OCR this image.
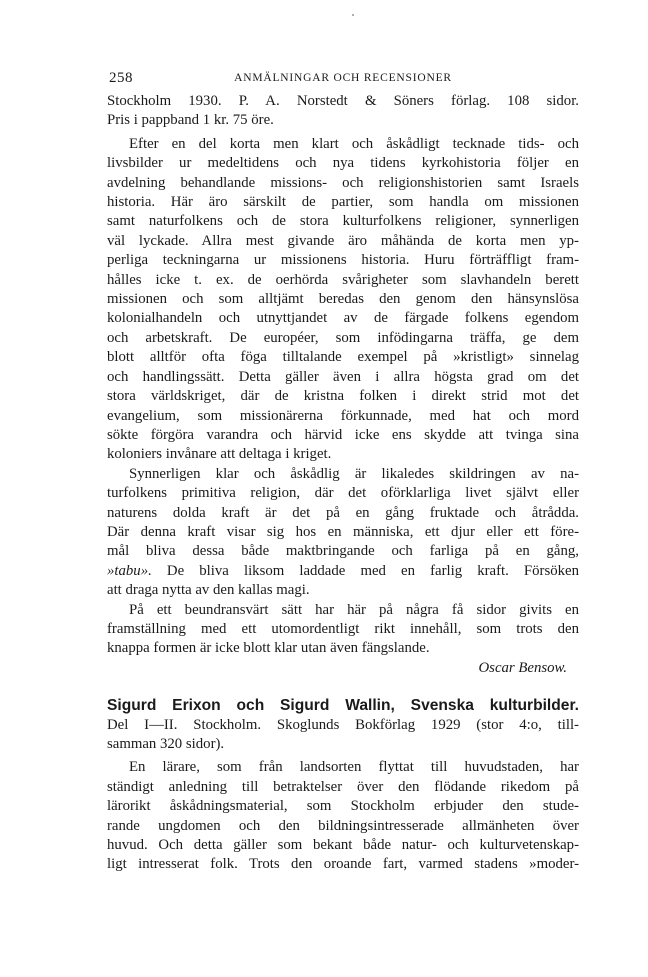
258	ANMÄLNINGAR OCH RECENSIONER
Stockholm 1930. P. A. Norstedt & Söners förlag. 108 sidor.
Pris i pappband 1 kr. 75 öre.
Efter en del korta men klart och åskådligt tecknade tids- och
livsbilder ur medeltidens och nya tidens kyrkohistoria följer en
avdelning behandlande missions- och religionshistorien samt Israels
historia. Här äro särskilt de partier, som handla om missionen
samt naturfolkens och de stora kulturfolkens religioner, synnerligen
väl lyckade. Allra mest givande äro måhända de korta men yp-
perliga teckningarna ur missionens historia. Huru förträffligt fram-
hålles icke t. ex. de oerhörda svårigheter som slavhandeln berett
missionen och som alltjämt beredas den genom den hänsynslösa
kolonialhandeln och utnyttjandet av de färgade folkens egendom
och arbetskraft. De européer, som infödingarna träffa, ge dem
blott alltför ofta föga tilltalande exempel på »kristligt» sinnelag
och handlingssätt. Detta gäller även i allra högsta grad om det
stora världskriget, där de kristna folken i direkt strid mot det
evangelium, som missionärerna förkunnade, med hat och mord
sökte förgöra varandra och härvid icke ens skydde att tvinga sina
koloniers invånare att deltaga i kriget.
Synnerligen klar och åskådlig är likaledes skildringen av na-
turfolkens primitiva religion, där det oförklarliga livet självt eller
naturens dolda kraft är det på en gång fruktade och åtrådda.
Där denna kraft visar sig hos en människa, ett djur eller ett före-
mål bliva dessa både maktbringande och farliga på en gång,
»tabu». De bliva liksom laddade med en farlig kraft. Försöken
att draga nytta av den kallas magi.
På ett beundransvärt sätt har här på några få sidor givits en
framställning med ett utomordentligt rikt innehåll, som trots den
knappa formen är icke blott klar utan även fängslande.
Oscar Bensow.
Sigurd Erixon och Sigurd Wallin, Svenska kulturbilder.
Del I—II. Stockholm. Skoglunds Bokförlag 1929 (stor 4:o, till-
samman 320 sidor).
En lärare, som från landsorten flyttat till huvudstaden, har
ständigt anledning till betraktelser över den flödande rikedom på
lärorikt åskådningsmaterial, som Stockholm erbjuder den stude-
rande ungdomen och den bildningsintresserade allmänheten över
huvud. Och detta gäller som bekant både natur- och kulturvetenskap-
ligt intresserat folk. Trots den oroande fart, varmed stadens »moder-
